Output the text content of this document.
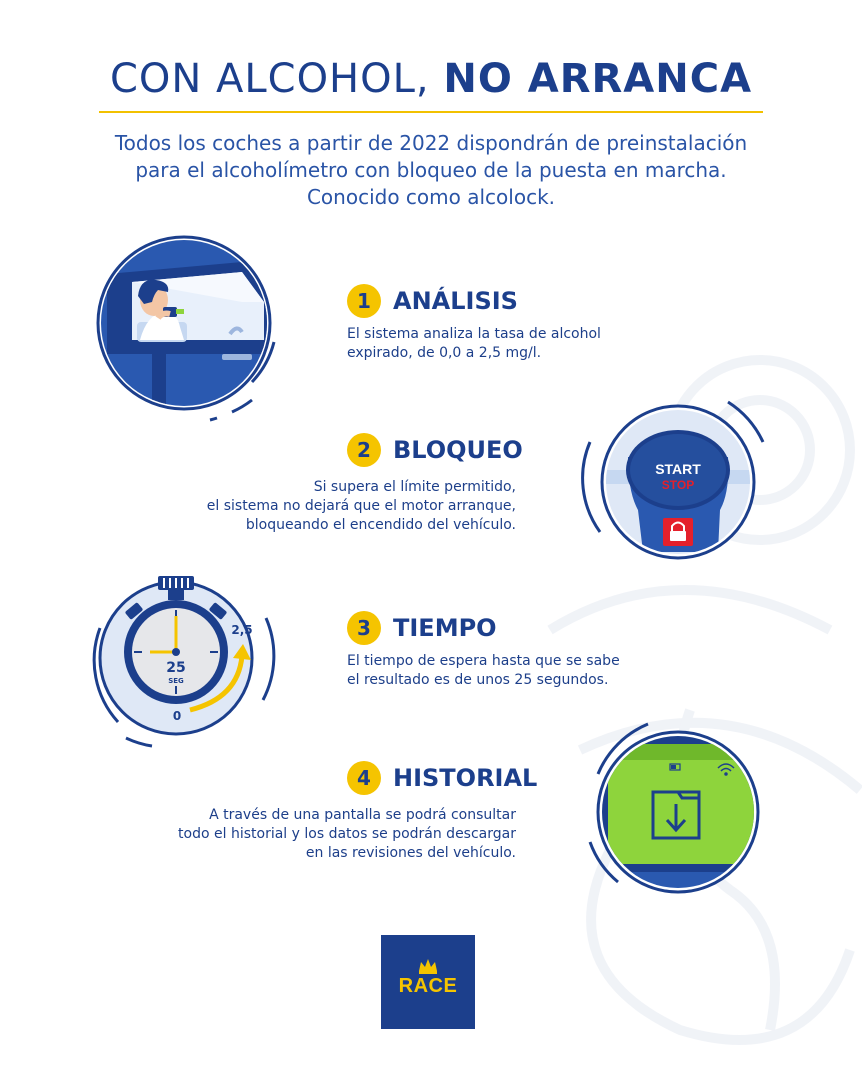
CON ALCOHOL, NO ARRANCA
Todos los coches a partir de 2022 dispondrán de preinstalación
para el alcoholímetro con bloqueo de la puesta en marcha.
Conocido como alcolock.
1 ANÁLISIS
El sistema analiza la tasa de alcohol
expirado, de 0,0 a 2,5 mg/l.
START
STOP
2 BLOQUEO
Si supera el límite permitido,
el sistema no dejará que el motor arranque,
bloqueando el encendido del vehículo.
25
SEG
2,5
0
3 TIEMPO
El tiempo de espera hasta que se sabe
el resultado es de unos 25 segundos.
4 HISTORIAL
A través de una pantalla se podrá consultar
todo el historial y los datos se podrán descargar
en las revisiones del vehículo.
RACE
